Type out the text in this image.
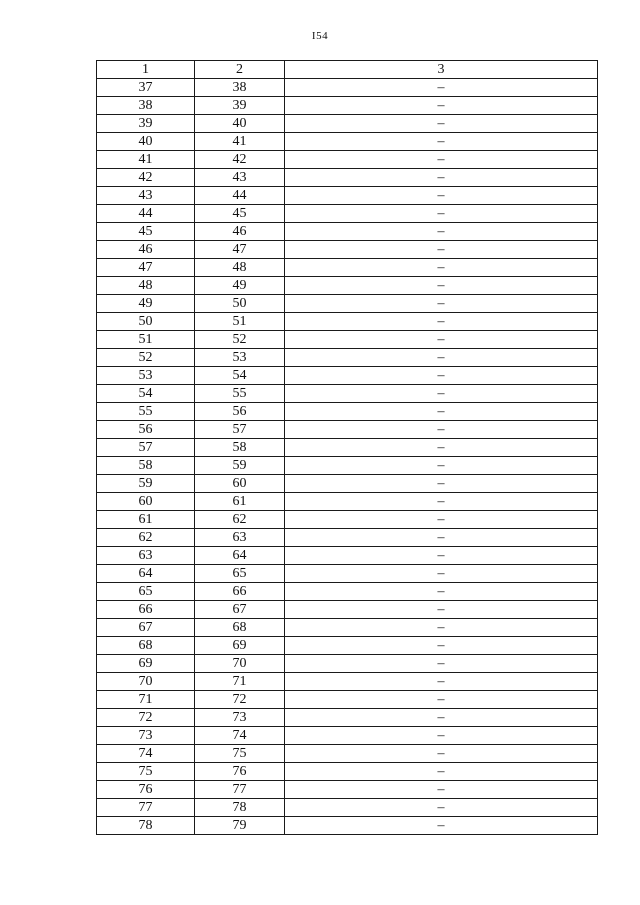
I54
1	2	3
37	38	–
38	39	–
39	40	–
40	41	–
41	42	–
42	43	–
43	44	–
44	45	–
45	46	–
46	47	–
47	48	–
48	49	–
49	50	–
50	51	–
51	52	–
52	53	–
53	54	–
54	55	–
55	56	–
56	57	–
57	58	–
58	59	–
59	60	–
60	61	–
61	62	–
62	63	–
63	64	–
64	65	–
65	66	–
66	67	–
67	68	–
68	69	–
69	70	–
70	71	–
71	72	–
72	73	–
73	74	–
74	75	–
75	76	–
76	77	–
77	78	–
78	79	–
